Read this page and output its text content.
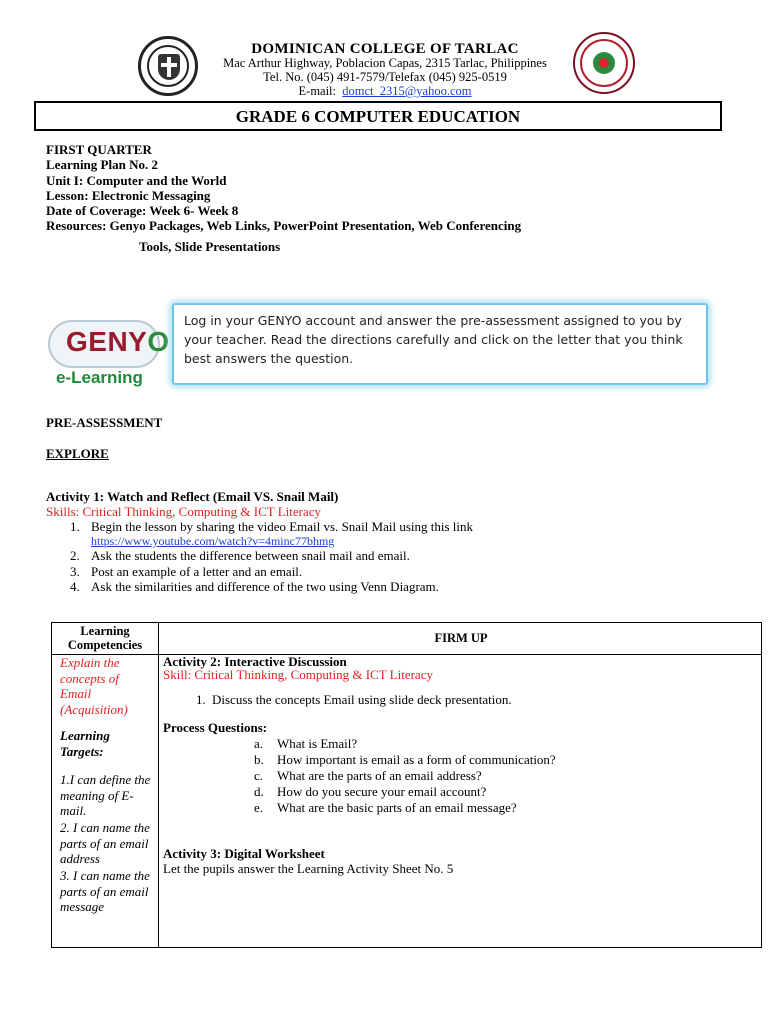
DOMINICAN COLLEGE OF TARLAC
Mac Arthur Highway, Poblacion Capas, 2315 Tarlac, Philippines
Tel. No. (045) 491-7579/Telefax (045) 925-0519
E-mail: domct_2315@yahoo.com
GRADE 6 COMPUTER EDUCATION
FIRST QUARTER
Learning Plan No. 2
Unit I: Computer and the World
Lesson: Electronic Messaging
Date of Coverage: Week 6- Week 8
Resources: Genyo Packages, Web Links, PowerPoint Presentation, Web Conferencing
Tools, Slide Presentations
GENYO
e-Learning
Log in your GENYO account and answer the pre-assessment assigned to you by your teacher. Read the directions carefully and click on the letter that you think best answers the question.
PRE-ASSESSMENT
EXPLORE
Activity 1: Watch and Reflect (Email VS. Snail Mail)
Skills: Critical Thinking, Computing & ICT Literacy
1. Begin the lesson by sharing the video Email vs. Snail Mail using this link
https://www.youtube.com/watch?v=4minc77bhmg
2. Ask the students the difference between snail mail and email.
3. Post an example of a letter and an email.
4. Ask the similarities and difference of the two using Venn Diagram.
Learning
Competencies	FIRM UP
Explain the concepts of Email (Acquisition)
Learning Targets:
1.I can define the meaning of E-mail.
2. I can name the parts of an email address
3. I can name the parts of an email message
Activity 2: Interactive Discussion
Skill: Critical Thinking, Computing & ICT Literacy
1. Discuss the concepts Email using slide deck presentation.
Process Questions:
a. What is Email?
b. How important is email as a form of communication?
c. What are the parts of an email address?
d. How do you secure your email account?
e. What are the basic parts of an email message?
Activity 3: Digital Worksheet
Let the pupils answer the Learning Activity Sheet No. 5
